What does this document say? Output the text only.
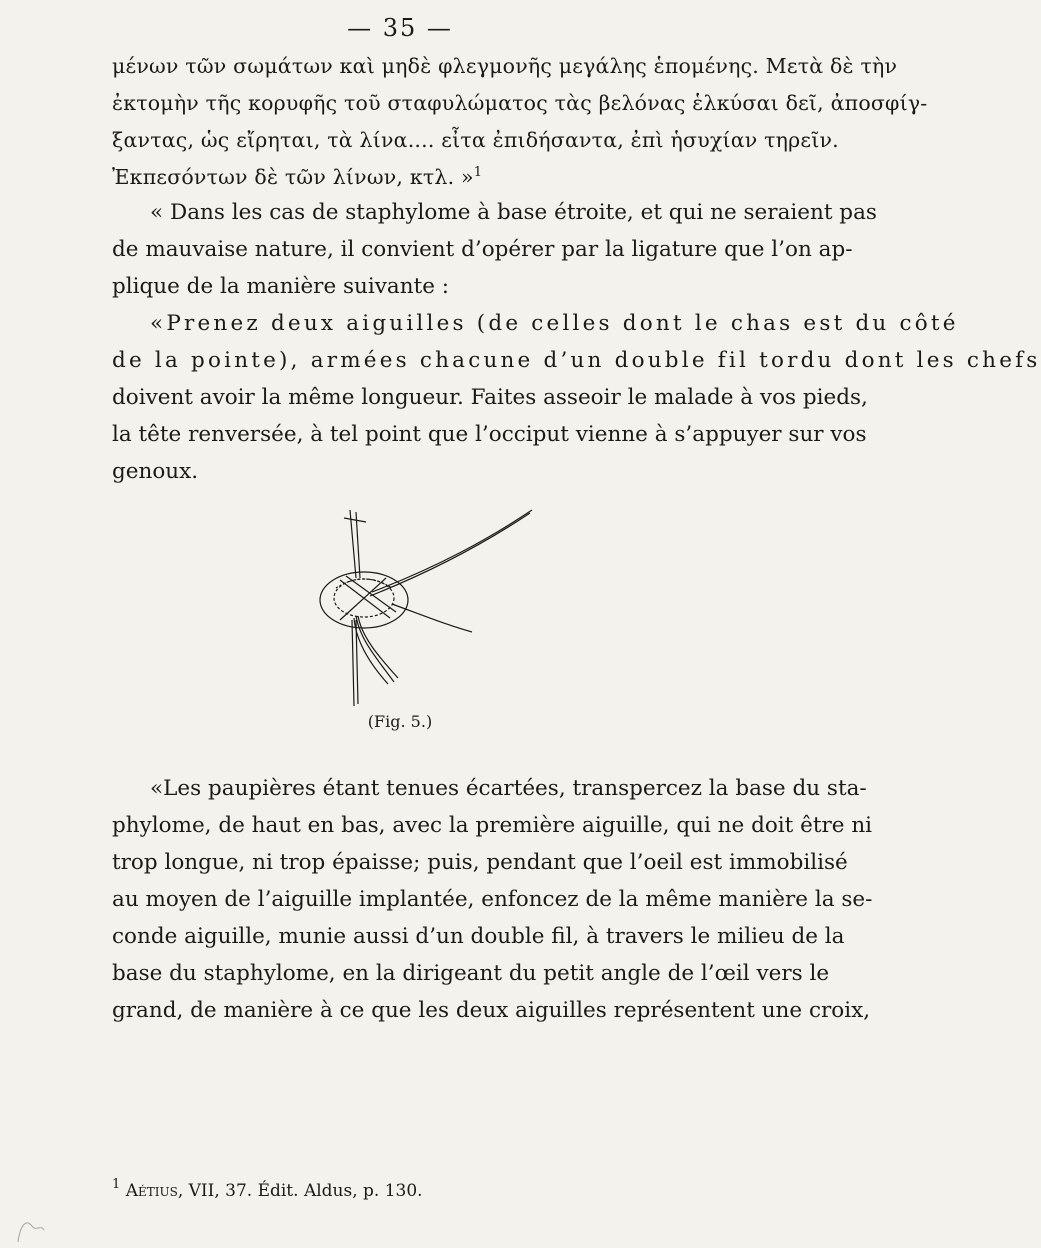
— 35 —
μένων τῶν σωμάτων καὶ μηδὲ φλεγμονῆς μεγάλης ἑπομένης. Μετὰ δὲ τὴν
ἐκτομὴν τῆς κορυφῆς τοῦ σταφυλώματος τὰς βελόνας ἑλκύσαι δεῖ, ἀποσφίγ-
ξαντας, ὡς εἴρηται, τὰ λίνα.... εἶτα ἐπιδήσαντα, ἐπὶ ἡσυχίαν τηρεῖν.
Ἐκπεσόντων δὲ τῶν λίνων, κτλ. »$^1$
« Dans les cas de staphylome à base étroite, et qui ne seraient pas
de mauvaise nature, il convient d’opérer par la ligature que l’on ap-
plique de la manière suivante :
«Prenez deux aiguilles (de celles dont le chas est du côté
de la pointe), armées chacune d’un double fil tordu dont les chefs
doivent avoir la même longueur. Faites asseoir le malade à vos pieds,
la tête renversée, à tel point que l’occiput vienne à s’appuyer sur vos
genoux.
(Fig. 5.)
«Les paupières étant tenues écartées, transpercez la base du sta-
phylome, de haut en bas, avec la première aiguille, qui ne doit être ni
trop longue, ni trop épaisse; puis, pendant que l’oeil est immobilisé
au moyen de l’aiguille implantée, enfoncez de la même manière la se-
conde aiguille, munie aussi d’un double fil, à travers le milieu de la
base du staphylome, en la dirigeant du petit angle de l’œil vers le
grand, de manière à ce que les deux aiguilles représentent une croix,
$^1$ Aétius, VII, 37. Édit. Aldus, p. 130.
